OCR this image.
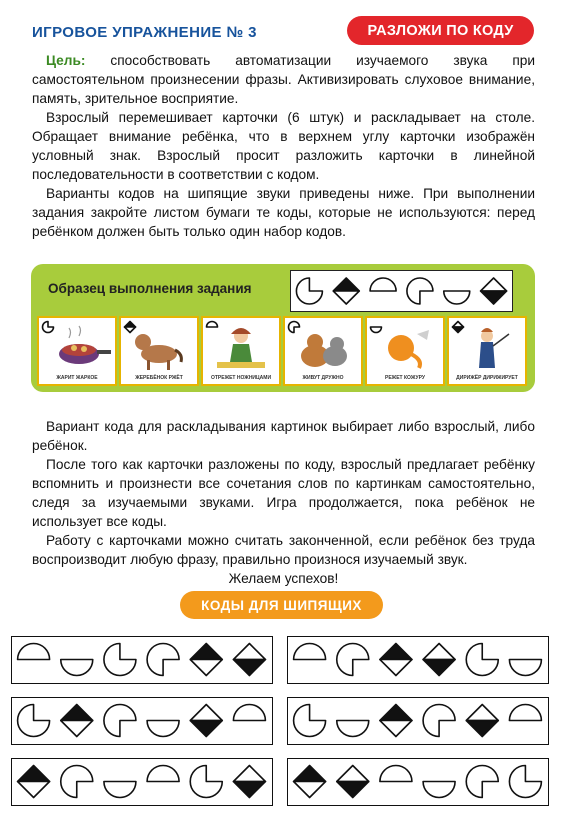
ИГРОВОЕ УПРАЖНЕНИЕ № 3	РАЗЛОЖИ ПО КОДУ

Цель: способствовать автоматизации изучаемого звука при самостоятельном произнесении фразы. Активизировать слуховое внимание, память, зрительное восприятие.

Взрослый перемешивает карточки (6 штук) и раскладывает на столе. Обращает внимание ребёнка, что в верхнем углу карточки изображён условный знак. Взрослый просит разложить карточки в линейной последовательности в соответствии с кодом.

Варианты кодов на шипящие звуки приведены ниже. При выполнении задания закройте листом бумаги те коды, которые не используются: перед ребёнком должен быть только один набор кодов.

Образец выполнения задания
ЖАРИТ ЖАРКОЕ	ЖЕРЕБЁНОК РЖЁТ	ОТРЕЖЕТ НОЖНИЦАМИ	ЖИВУТ ДРУЖНО	РЕЖЕТ КОЖУРУ	ДИРИЖЁР ДИРИЖИРУЕТ

Вариант кода для раскладывания картинок выбирает либо взрослый, либо ребёнок.

После того как карточки разложены по коду, взрослый предлагает ребёнку вспомнить и произнести все сочетания слов по картинкам самостоятельно, следя за изучаемыми звуками. Игра продолжается, пока ребёнок не использует все коды.

Работу с карточками можно считать законченной, если ребёнок без труда воспроизводит любую фразу, правильно произнося изучаемый звук.

Желаем успехов!

КОДЫ ДЛЯ ШИПЯЩИХ
